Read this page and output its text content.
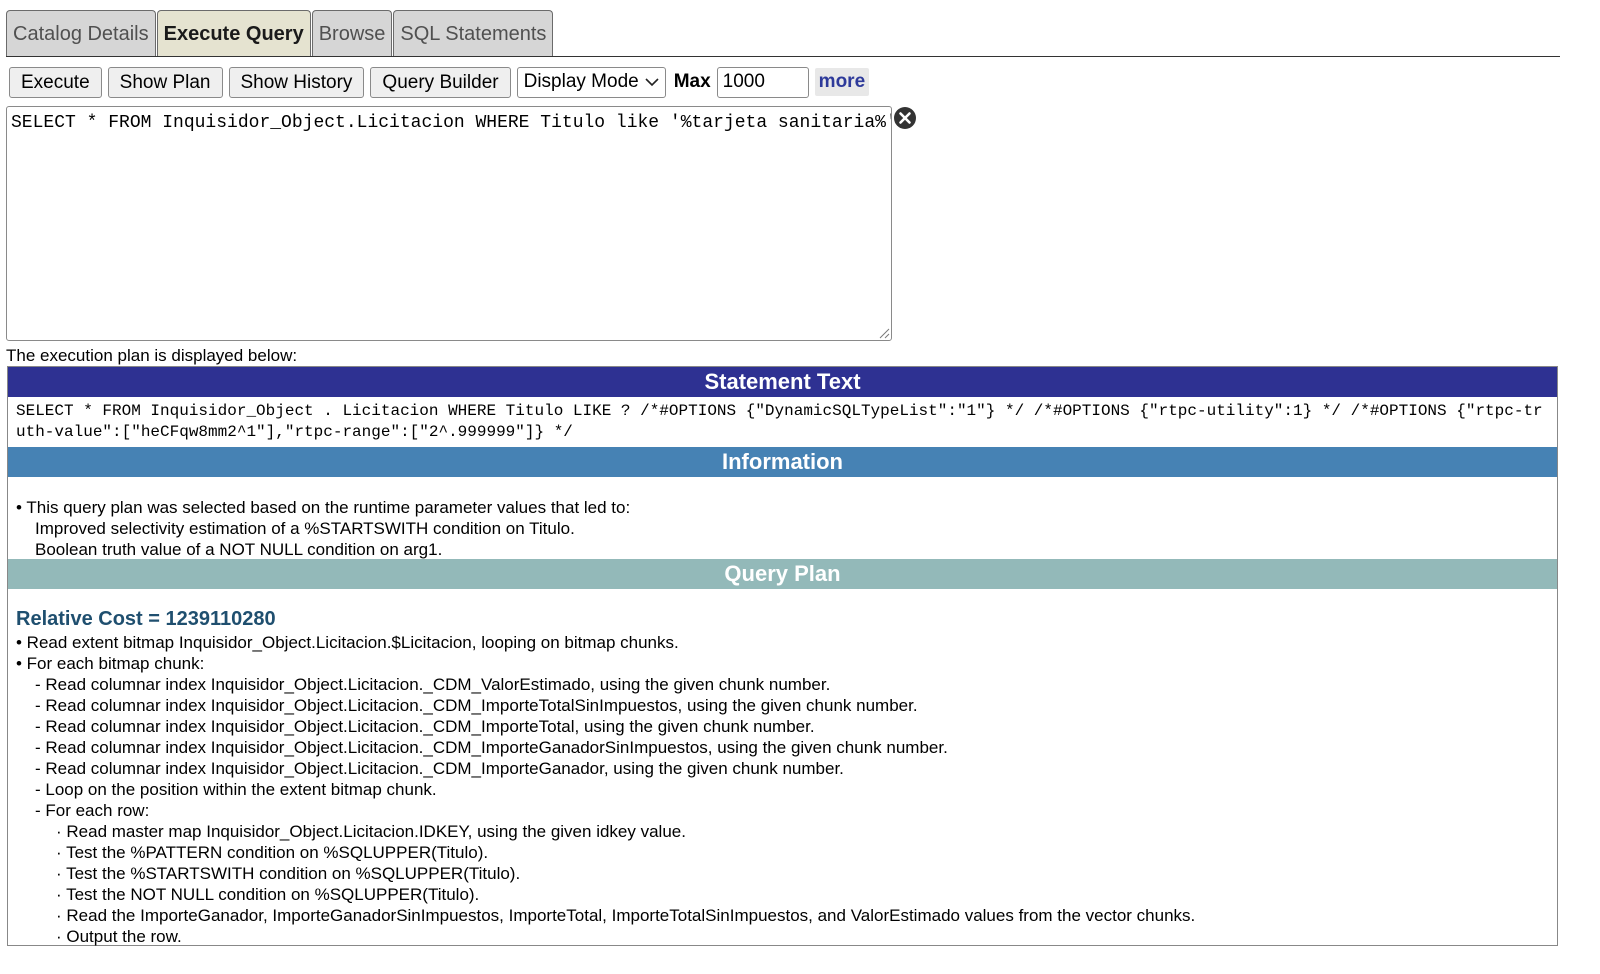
Catalog Details Execute Query Browse SQL Statements
Execute	Show Plan	Show History	Query Builder	Display Mode Max
1000	more
SELECT * FROM Inquisidor_Object.Licitacion WHERE Titulo like '%tarjeta sanitaria%'
The execution plan is displayed below:
Statement Text
SELECT * FROM Inquisidor_Object . Licitacion WHERE Titulo LIKE ? /*#OPTIONS {"DynamicSQLTypeList":"1"} */ /*#OPTIONS {"rtpc-utility":1} */ /*#OPTIONS {"rtpc-truth-value":["heCFqw8mm2^1"],"rtpc-range":["2^.999999"]} */
Information
• This query plan was selected based on the runtime parameter values that led to:
Improved selectivity estimation of a %STARTSWITH condition on Titulo.
Boolean truth value of a NOT NULL condition on arg1.
Query Plan
Relative Cost = 1239110280
• Read extent bitmap Inquisidor_Object.Licitacion.$Licitacion, looping on bitmap chunks.
• For each bitmap chunk:
- Read columnar index Inquisidor_Object.Licitacion._CDM_ValorEstimado, using the given chunk number.
- Read columnar index Inquisidor_Object.Licitacion._CDM_ImporteTotalSinImpuestos, using the given chunk number.
- Read columnar index Inquisidor_Object.Licitacion._CDM_ImporteTotal, using the given chunk number.
- Read columnar index Inquisidor_Object.Licitacion._CDM_ImporteGanadorSinImpuestos, using the given chunk number.
- Read columnar index Inquisidor_Object.Licitacion._CDM_ImporteGanador, using the given chunk number.
- Loop on the position within the extent bitmap chunk.
- For each row:
· Read master map Inquisidor_Object.Licitacion.IDKEY, using the given idkey value.
· Test the %PATTERN condition on %SQLUPPER(Titulo).
· Test the %STARTSWITH condition on %SQLUPPER(Titulo).
· Test the NOT NULL condition on %SQLUPPER(Titulo).
· Read the ImporteGanador, ImporteGanadorSinImpuestos, ImporteTotal, ImporteTotalSinImpuestos, and ValorEstimado values from the vector chunks.
· Output the row.
